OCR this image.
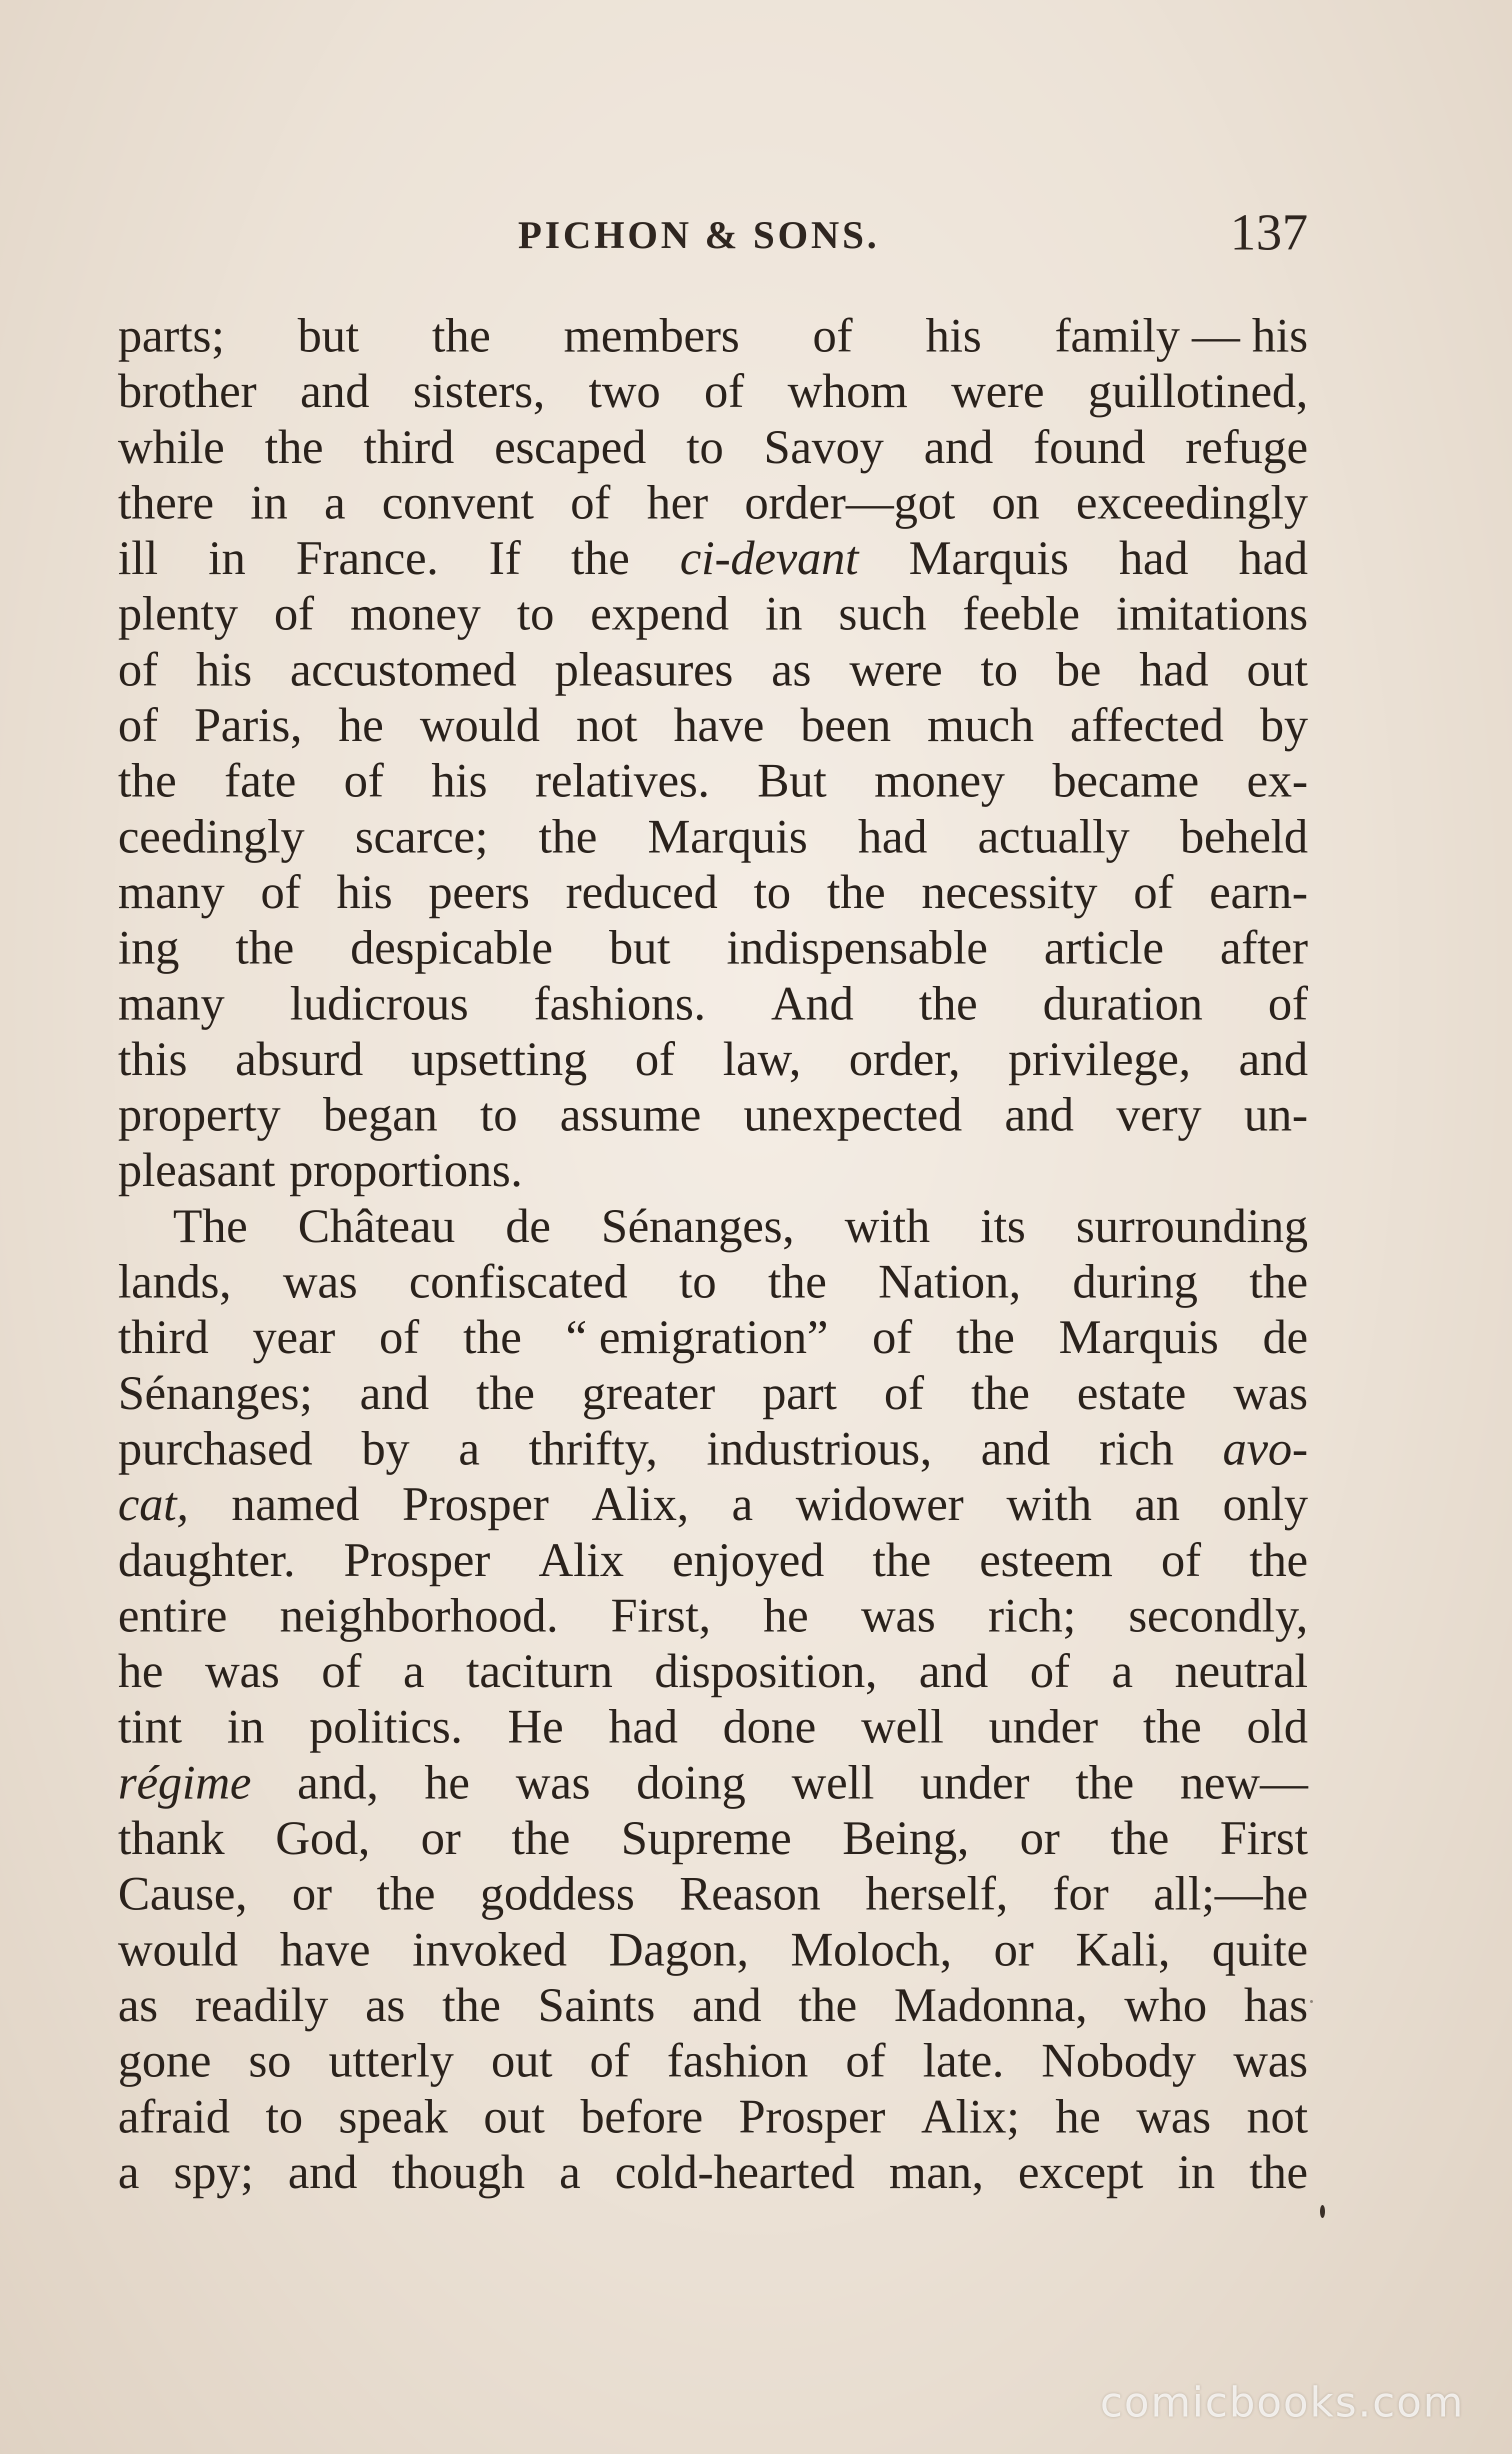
PICHON & SONS.	137
parts; but the members of his family — his
brother and sisters, two of whom were guillotined,
while the third escaped to Savoy and found refuge
there in a convent of her order—got on exceedingly
ill in France. If the ci-devant Marquis had had
plenty of money to expend in such feeble imitations
of his accustomed pleasures as were to be had out
of Paris, he would not have been much affected by
the fate of his relatives. But money became ex-
ceedingly scarce; the Marquis had actually beheld
many of his peers reduced to the necessity of earn-
ing the despicable but indispensable article after
many ludicrous fashions. And the duration of
this absurd upsetting of law, order, privilege, and
property began to assume unexpected and very un-
pleasant proportions.
The Château de Sénanges, with its surrounding
lands, was confiscated to the Nation, during the
third year of the “ emigration” of the Marquis de
Sénanges; and the greater part of the estate was
purchased by a thrifty, industrious, and rich avo-
cat, named Prosper Alix, a widower with an only
daughter. Prosper Alix enjoyed the esteem of the
entire neighborhood. First, he was rich; secondly,
he was of a taciturn disposition, and of a neutral
tint in politics. He had done well under the old
régime and, he was doing well under the new—
thank God, or the Supreme Being, or the First
Cause, or the goddess Reason herself, for all;—he
would have invoked Dagon, Moloch, or Kali, quite
as readily as the Saints and the Madonna, who has
gone so utterly out of fashion of late. Nobody was
afraid to speak out before Prosper Alix; he was not
a spy; and though a cold-hearted man, except in the
comicbooks.com
